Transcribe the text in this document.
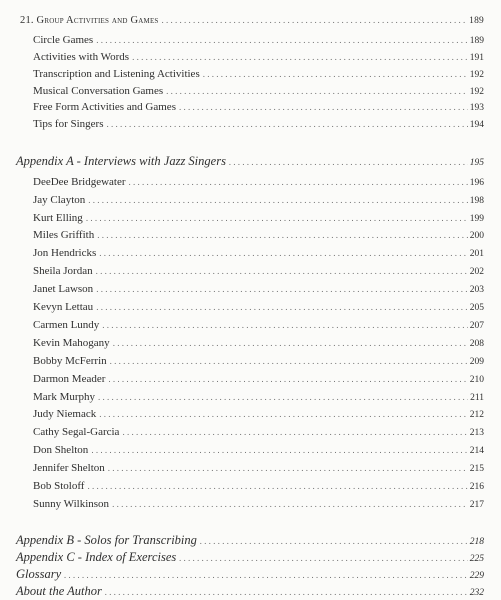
21. Group Activities and Games . . .	189
Circle Games . . .	189
Activities with Words . . .	191
Transcription and Listening Activities . . .	192
Musical Conversation Games . . .	192
Free Form Activities and Games . . .	193
Tips for Singers . . .	194
Appendix A - Interviews with Jazz Singers . . .	195
DeeDee Bridgewater . . .	196
Jay Clayton . . .	198
Kurt Elling . . .	199
Miles Griffith . . .	200
Jon Hendricks . . .	201
Sheila Jordan . . .	202
Janet Lawson . . .	203
Kevyn Lettau . . .	205
Carmen Lundy . . .	207
Kevin Mahogany . . .	208
Bobby McFerrin . . .	209
Darmon Meader . . .	210
Mark Murphy . . .	211
Judy Niemack . . .	212
Cathy Segal-Garcia . . .	213
Don Shelton . . .	214
Jennifer Shelton . . .	215
Bob Stoloff . . .	216
Sunny Wilkinson . . .	217
Appendix B - Solos for Transcribing . . .	218
Appendix C - Index of Exercises . . .	225
Glossary . . .	229
About the Author . . .	232
